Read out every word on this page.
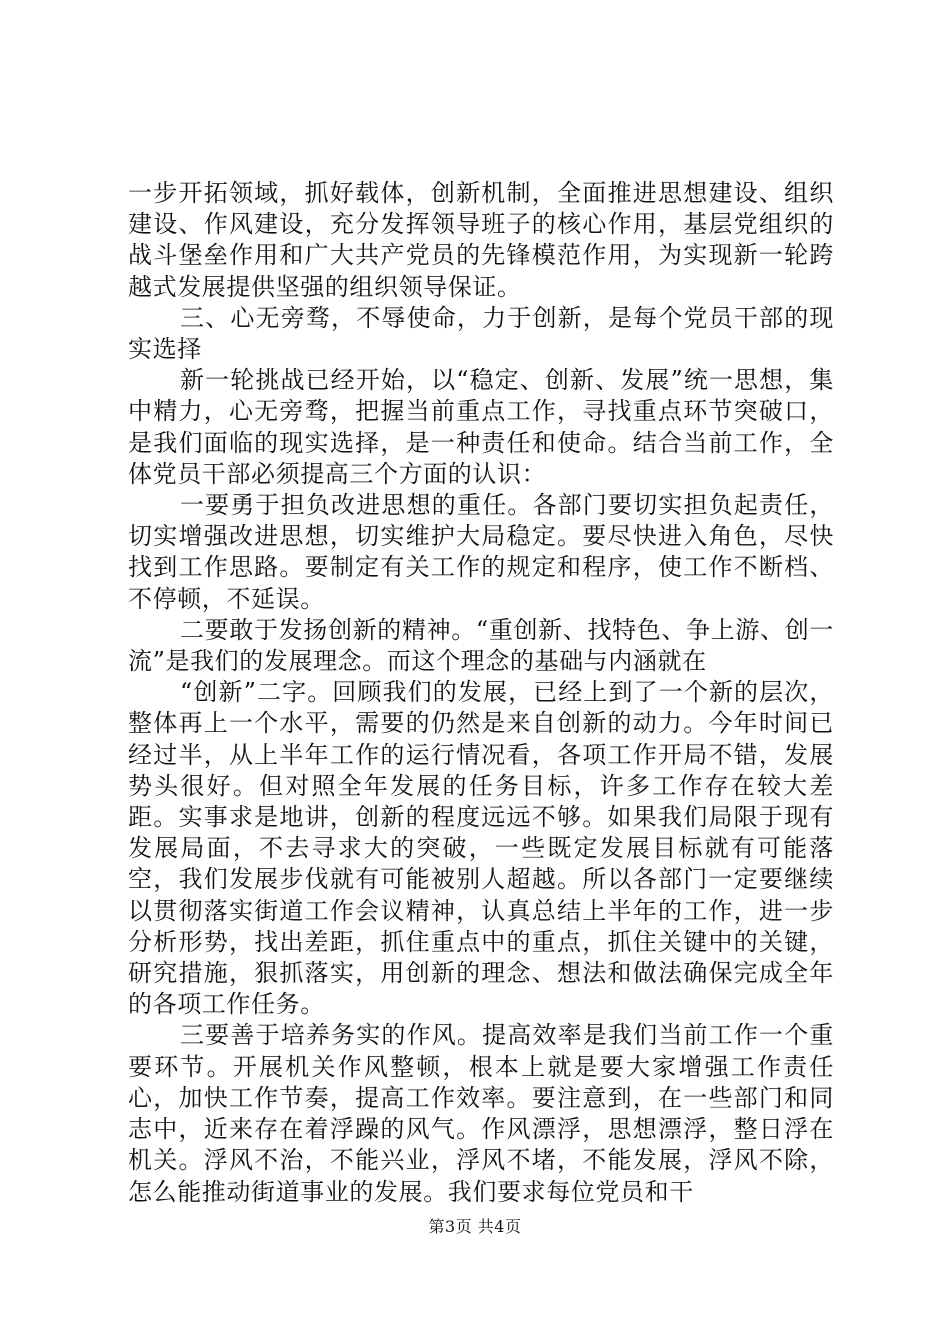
一步开拓领域，抓好载体，创新机制，全面推进思想建设、组织建设、作风建设，充分发挥领导班子的核心作用，基层党组织的战斗堡垒作用和广大共产党员的先锋模范作用，为实现新一轮跨越式发展提供坚强的组织领导保证。

三、心无旁骛，不辱使命，力于创新，是每个党员干部的现实选择

新一轮挑战已经开始，以“稳定、创新、发展”统一思想，集中精力，心无旁骛，把握当前重点工作，寻找重点环节突破口，是我们面临的现实选择，是一种责任和使命。结合当前工作，全体党员干部必须提高三个方面的认识：

一要勇于担负改进思想的重任。各部门要切实担负起责任，切实增强改进思想，切实维护大局稳定。要尽快进入角色，尽快找到工作思路。要制定有关工作的规定和程序，使工作不断档、不停顿，不延误。

二要敢于发扬创新的精神。“重创新、找特色、争上游、创一流”是我们的发展理念。而这个理念的基础与内涵就在

“创新”二字。回顾我们的发展，已经上到了一个新的层次，整体再上一个水平，需要的仍然是来自创新的动力。今年时间已经过半，从上半年工作的运行情况看，各项工作开局不错，发展势头很好。但对照全年发展的任务目标，许多工作存在较大差距。实事求是地讲，创新的程度远远不够。如果我们局限于现有发展局面，不去寻求大的突破，一些既定发展目标就有可能落空，我们发展步伐就有可能被别人超越。所以各部门一定要继续以贯彻落实街道工作会议精神，认真总结上半年的工作，进一步分析形势，找出差距，抓住重点中的重点，抓住关键中的关键，研究措施，狠抓落实，用创新的理念、想法和做法确保完成全年的各项工作任务。

三要善于培养务实的作风。提高效率是我们当前工作一个重要环节。开展机关作风整顿，根本上就是要大家增强工作责任心，加快工作节奏，提高工作效率。要注意到，在一些部门和同志中，近来存在着浮躁的风气。作风漂浮，思想漂浮，整日浮在机关。浮风不治，不能兴业，浮风不堵，不能发展，浮风不除，怎么能推动街道事业的发展。我们要求每位党员和干

第3页 共4页
